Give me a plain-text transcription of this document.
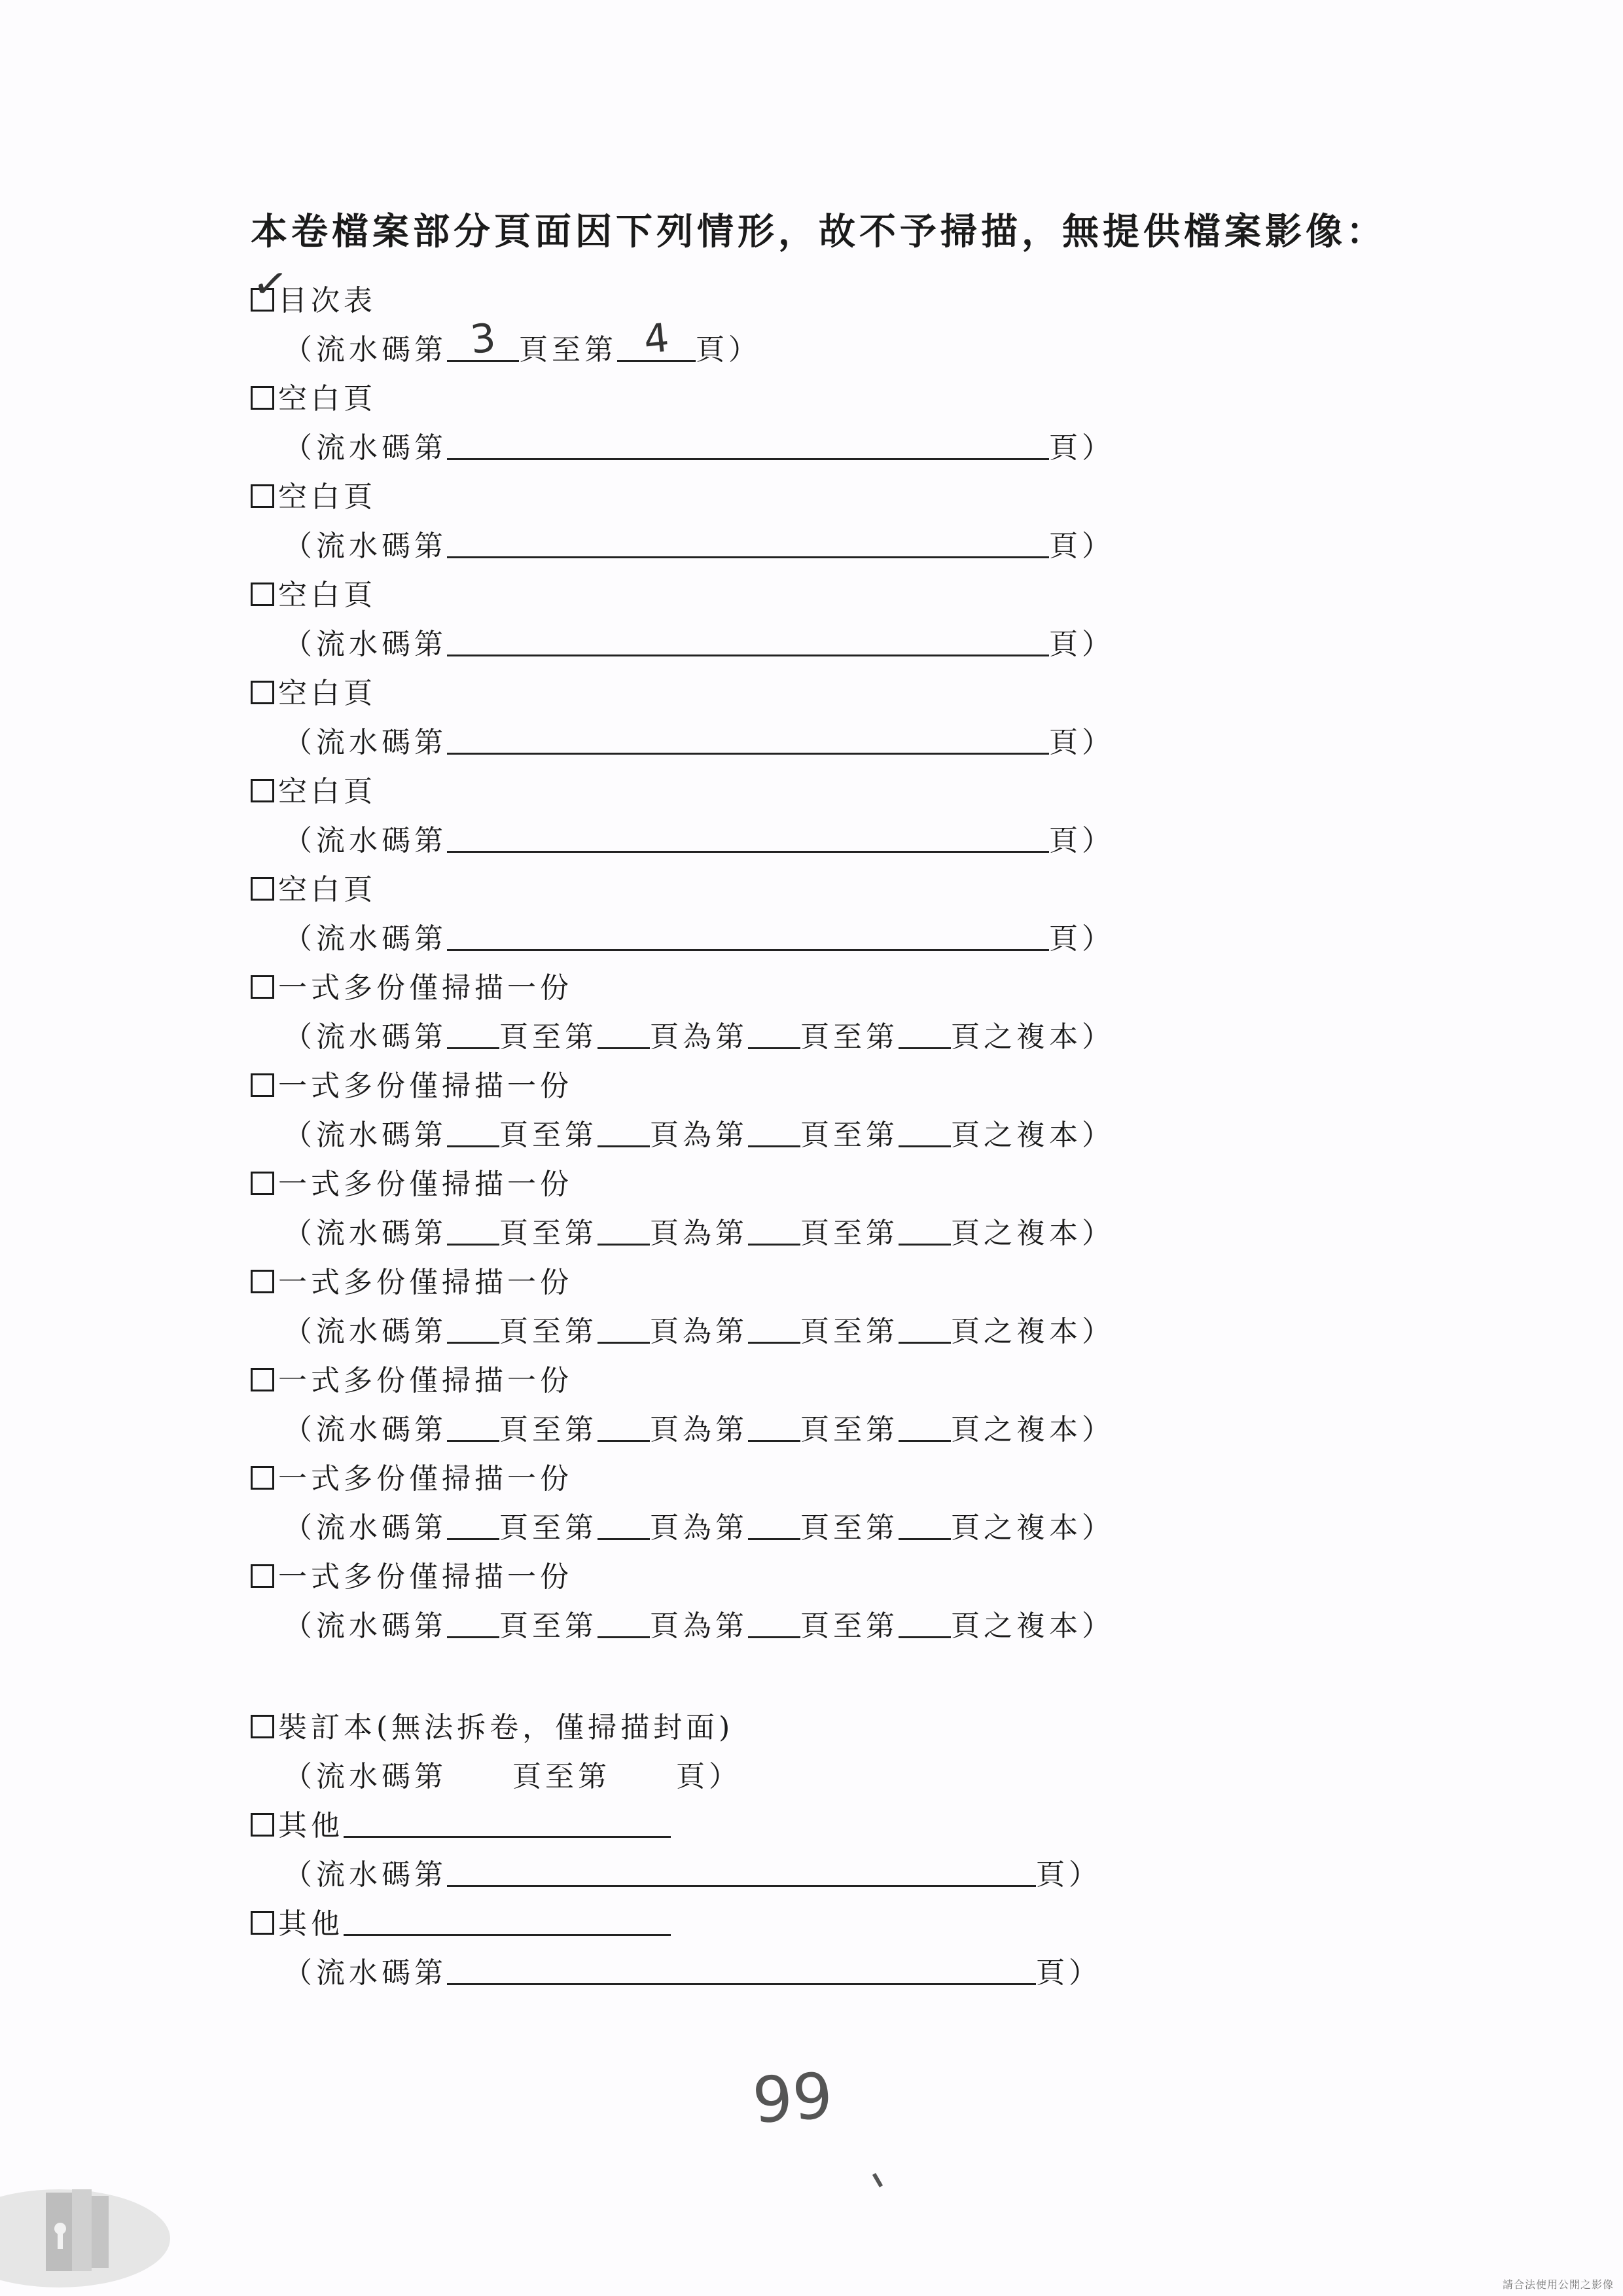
本卷檔案部分頁面因下列情形，故不予掃描，無提供檔案影像：
✓
目次表
（流水碼第 3 頁至第 4 頁）
空白頁
（流水碼第	頁）
空白頁
（流水碼第	頁）
空白頁
（流水碼第	頁）
空白頁
（流水碼第	頁）
空白頁
（流水碼第	頁）
空白頁
（流水碼第	頁）
一式多份僅掃描一份
（流水碼第 頁至第 頁為第 頁至第 頁之複本）
一式多份僅掃描一份
（流水碼第 頁至第 頁為第 頁至第 頁之複本）
一式多份僅掃描一份
（流水碼第 頁至第 頁為第 頁至第 頁之複本）
一式多份僅掃描一份
（流水碼第 頁至第 頁為第 頁至第 頁之複本）
一式多份僅掃描一份
（流水碼第 頁至第 頁為第 頁至第 頁之複本）
一式多份僅掃描一份
（流水碼第 頁至第 頁為第 頁至第 頁之複本）
一式多份僅掃描一份
（流水碼第 頁至第 頁為第 頁至第 頁之複本）
裝訂本(無法拆卷，僅掃描封面)
（流水碼第 頁至第 頁）
其他
（流水碼第	頁）
其他
（流水碼第	頁）
99
請合法使用公開之影像
